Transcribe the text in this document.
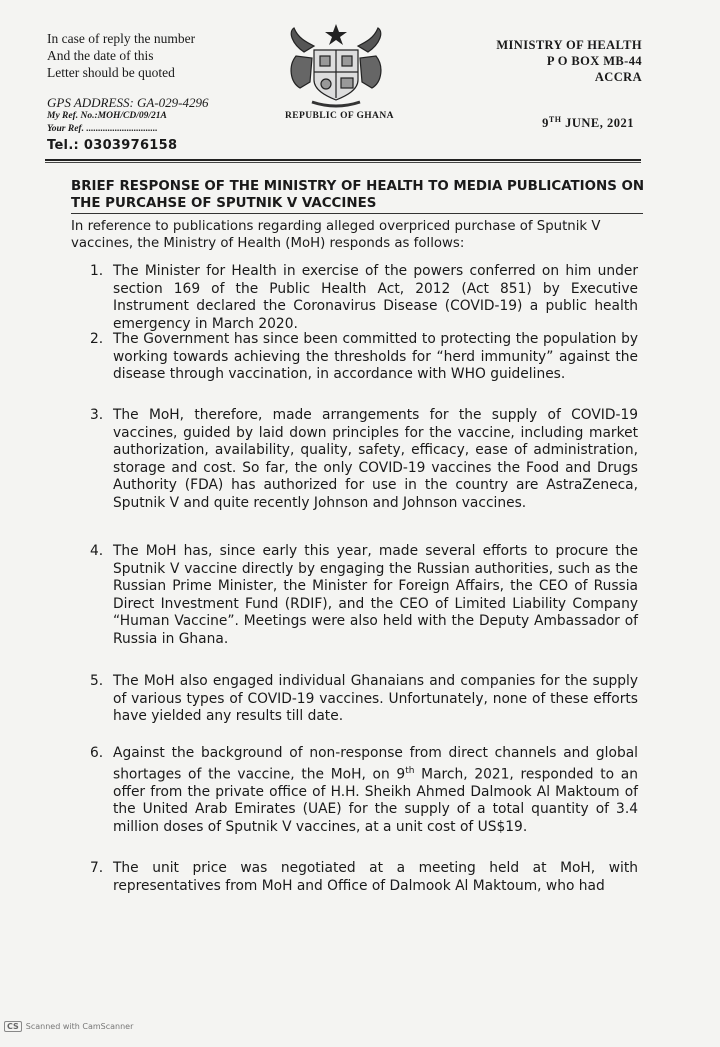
In case of reply the number
And the date of this
Letter should be quoted
GPS ADDRESS: GA-029-4296
My Ref. No.:MOH/CD/09/21A
Your Ref. ..............................
Tel.: 0303976158
REPUBLIC OF GHANA
MINISTRY OF HEALTH
P O BOX MB-44
ACCRA
9TH JUNE, 2021
BRIEF RESPONSE OF THE MINISTRY OF HEALTH TO MEDIA PUBLICATIONS ON
THE PURCAHSE OF SPUTNIK V VACCINES
In reference to publications regarding alleged overpriced purchase of Sputnik V vaccines, the Ministry of Health (MoH) responds as follows:
1. The Minister for Health in exercise of the powers conferred on him under section 169 of the Public Health Act, 2012 (Act 851) by Executive Instrument declared the Coronavirus Disease (COVID-19) a public health emergency in March 2020.
2. The Government has since been committed to protecting the population by working towards achieving the thresholds for “herd immunity” against the disease through vaccination, in accordance with WHO guidelines.
3. The MoH, therefore, made arrangements for the supply of COVID-19 vaccines, guided by laid down principles for the vaccine, including market authorization, availability, quality, safety, efficacy, ease of administration, storage and cost. So far, the only COVID-19 vaccines the Food and Drugs Authority (FDA) has authorized for use in the country are AstraZeneca, Sputnik V and quite recently Johnson and Johnson vaccines.
4. The MoH has, since early this year, made several efforts to procure the Sputnik V vaccine directly by engaging the Russian authorities, such as the Russian Prime Minister, the Minister for Foreign Affairs, the CEO of Russia Direct Investment Fund (RDIF), and the CEO of Limited Liability Company “Human Vaccine”. Meetings were also held with the Deputy Ambassador of Russia in Ghana.
5. The MoH also engaged individual Ghanaians and companies for the supply of various types of COVID-19 vaccines. Unfortunately, none of these efforts have yielded any results till date.
6. Against the background of non-response from direct channels and global shortages of the vaccine, the MoH, on 9th March, 2021, responded to an offer from the private office of H.H. Sheikh Ahmed Dalmook Al Maktoum of the United Arab Emirates (UAE) for the supply of a total quantity of 3.4 million doses of Sputnik V vaccines, at a unit cost of US$19.
7. The unit price was negotiated at a meeting held at MoH, with representatives from MoH and Office of Dalmook Al Maktoum, who had
CS Scanned with CamScanner
